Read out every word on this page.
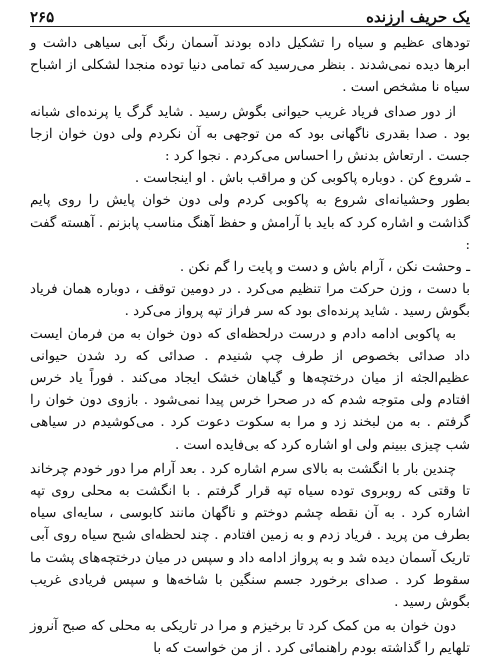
یک حریف ارزنده
۲۶۵

تودهای عظیم و سیاه را تشکیل داده بودند آسمان رنگ آبی سیاهی داشت و ابرها دیده نمی‌شدند . بنظر می‌رسید که تمامی دنیا توده‌ منجدا لشکلی از اشباح سیاه نا مشخص است .

از دور صدای فریاد غریب حیوانی بگوش رسید . شاید گرگ یا پرنده‌ای شبانه بود . صدا بقدری ناگهانی بود که من توجهی به آن نکردم ولی دون خوان ازجا جست . ارتعاش بدنش را احساس می‌کردم . نجوا کرد :

ـ شروع کن . دوباره پاکوبی کن و مراقب باش . او اینجاست .

بطور وحشیانه‌ای شروع به پاکوبی کردم ولی دون خوان پایش را روی پایم گذاشت و اشاره کرد که باید با آرامش و حفظ آهنگ مناسب پابزنم . آهسته گفت :

ـ وحشت نکن ، آرام باش و دست و پایت را گم نکن .

با دست ، وزن حرکت مرا تنظیم می‌کرد . در دومین توقف ، دوباره همان فریاد بگوش رسید . شاید پرنده‌ای بود که سر فراز تپه پرواز می‌کرد .

به پاکوبی ادامه دادم و درست درلحظه‌ای که دون خوان به من فرمان ایست داد صدائی بخصوص از طرف چپ شنیدم . صدائی که رد شدن حیوانی عظیم‌الجثه از میان درختچه‌ها و گیاهان خشک ایجاد می‌کند . فوراً یاد خرس افتادم ولی متوجه شدم که در صحرا خرس پیدا نمی‌شود . بازوی دون خوان را گرفتم . به من لبخند زد و مرا به سکوت دعوت کرد . می‌کوشیدم در سیاهی شب چیزی ببینم ولی او اشاره کرد که بی‌فایده است .

چندین بار با انگشت به بالای سرم اشاره کرد . بعد آرام مرا دور خودم چرخاند تا وقتی که روبروی توده‌ سیاه تپه قرار گرفتم . با انگشت به محلی روی تپه اشاره کرد . به آن نقطه چشم دوختم و ناگهان مانند کابوسی ، سایه‌ای سیاه بطرف من پرید . فریاد زدم و به زمین افتادم . چند لحظه‌ای شبح سیاه روی آبی تاریک آسمان دیده شد و به پرواز ادامه داد و سپس در میان درختچه‌های پشت ما سقوط کرد . صدای برخورد جسم سنگین با شاخه‌ها و سپس فریادی غریب بگوش رسید .

دون خوان به من کمک کرد تا برخیزم و مرا در تاریکی به محلی که صبح آنروز تلهایم را گذاشته بودم راهنمائی کرد . از من خواست که با
